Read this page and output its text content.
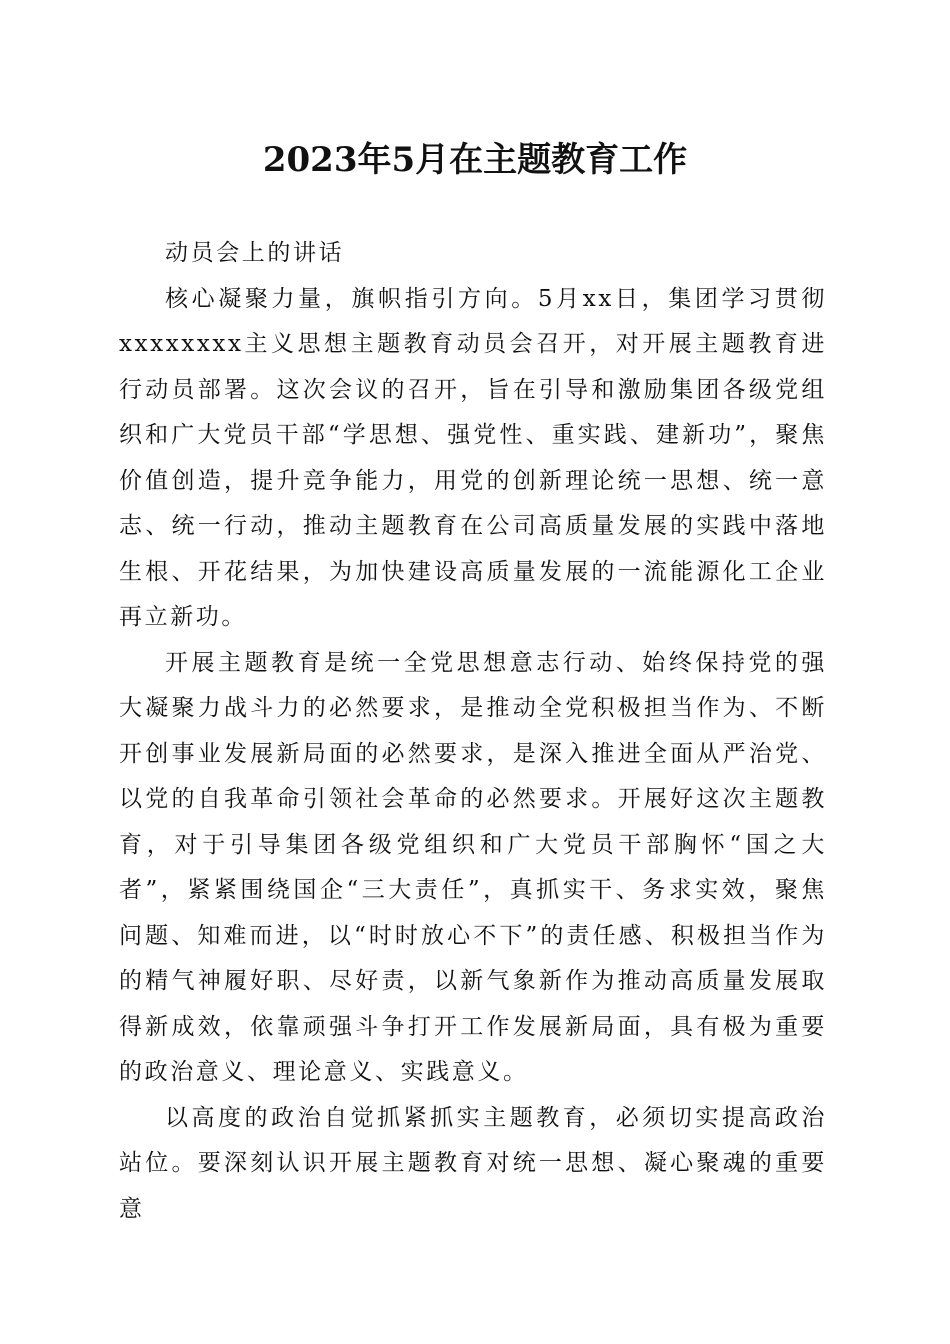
2023年5月在主题教育工作

动员会上的讲话

核心凝聚力量，旗帜指引方向。5月xx日，集团学习贯彻xxxxxxxx主义思想主题教育动员会召开，对开展主题教育进行动员部署。这次会议的召开，旨在引导和激励集团各级党组织和广大党员干部“学思想、强党性、重实践、建新功”，聚焦价值创造，提升竞争能力，用党的创新理论统一思想、统一意志、统一行动，推动主题教育在公司高质量发展的实践中落地生根、开花结果，为加快建设高质量发展的一流能源化工企业再立新功。

开展主题教育是统一全党思想意志行动、始终保持党的强大凝聚力战斗力的必然要求，是推动全党积极担当作为、不断开创事业发展新局面的必然要求，是深入推进全面从严治党、以党的自我革命引领社会革命的必然要求。开展好这次主题教育，对于引导集团各级党组织和广大党员干部胸怀“国之大者”，紧紧围绕国企“三大责任”，真抓实干、务求实效，聚焦问题、知难而进，以“时时放心不下”的责任感、积极担当作为的精气神履好职、尽好责，以新气象新作为推动高质量发展取得新成效，依靠顽强斗争打开工作发展新局面，具有极为重要的政治意义、理论意义、实践意义。

以高度的政治自觉抓紧抓实主题教育，必须切实提高政治站位。要深刻认识开展主题教育对统一思想、凝心聚魂的重要意
